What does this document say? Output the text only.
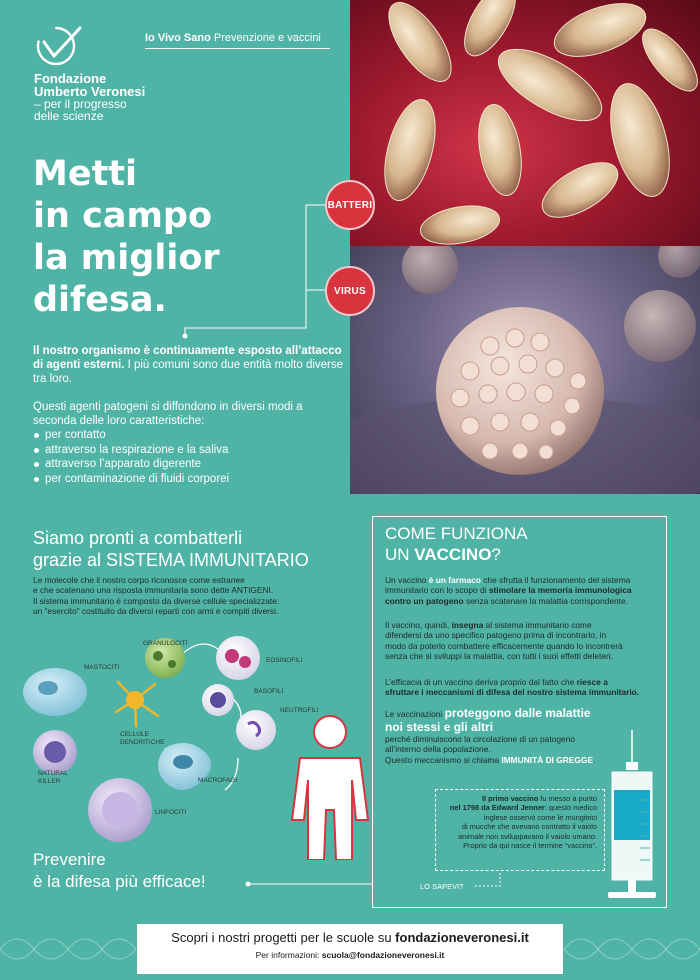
Fondazione
Umberto Veronesi
– per il progresso
delle scienze
Io Vivo Sano Prevenzione e vaccini
Metti
in campo
la miglior
difesa.
BATTERI
VIRUS

Il nostro organismo è continuamente esposto all’attacco di agenti esterni. I più comuni sono due entità molto diverse tra loro.

Questi agenti patogeni si diffondono in diversi modi a seconda delle loro caratteristiche:

per contatto
attraverso la respirazione e la saliva
attraverso l’apparato digerente
per contaminazione di fluidi corporei
Siamo pronti a combatterli
grazie al SISTEMA IMMUNITARIO
Le molecole che il nostro corpo riconosce come estranee
e che scatenano una risposta immunitaria sono dette ANTIGENI.
Il sistema immunitario è composto da diverse cellule specializzate:
un “esercito” costituito da diversi reparti con armi e compiti diversi.
GRANULOCITI
MASTOCITI
EOSINOFILI
BASOFILI
NEUTROFILI
CELLULE
DENDRITICHE
NATURAL
KILLER	MACROFAGI
LINFOCITI
Prevenire
è la difesa più efficace!
COME FUNZIONA
UN VACCINO?
Un vaccino è un farmaco che sfrutta il funzionamento del sistema
immunitario con lo scopo di stimolare la memoria immunologica
contro un patogeno senza scatenare la malattia corrispondente.
Il vaccino, quindi, insegna al sistema immunitario come
difendersi da uno specifico patogeno prima di incontrarlo, in
modo da poterlo combattere efficacemente quando lo incontrerà
senza che si sviluppi la malattia, con tutti i suoi effetti deleteri.
L’efficacia di un vaccino deriva proprio dal fatto che riesce a
sfruttare i meccanismi di difesa del nostro sistema immunitario.
Le vaccinazioni proteggono dalle malattie
noi stessi e gli altri
perché diminuiscono la circolazione di un patogeno
all’interno della popolazione.
Questo meccanismo si chiama IMMUNITÀ DI GREGGE.
Il primo vaccino fu messo a punto
nel 1798 da Edward Jenner: questo medico
inglese osservò come le mungitrici
di mucche che avevano contratto il vaiolo
animale non sviluppavano il vaiolo umano.
Proprio da qui nasce il termine “vaccino”.
LO SAPEVI?
Scopri i nostri progetti per le scuole su fondazioneveronesi.it
Per informazioni: scuola@fondazioneveronesi.it
